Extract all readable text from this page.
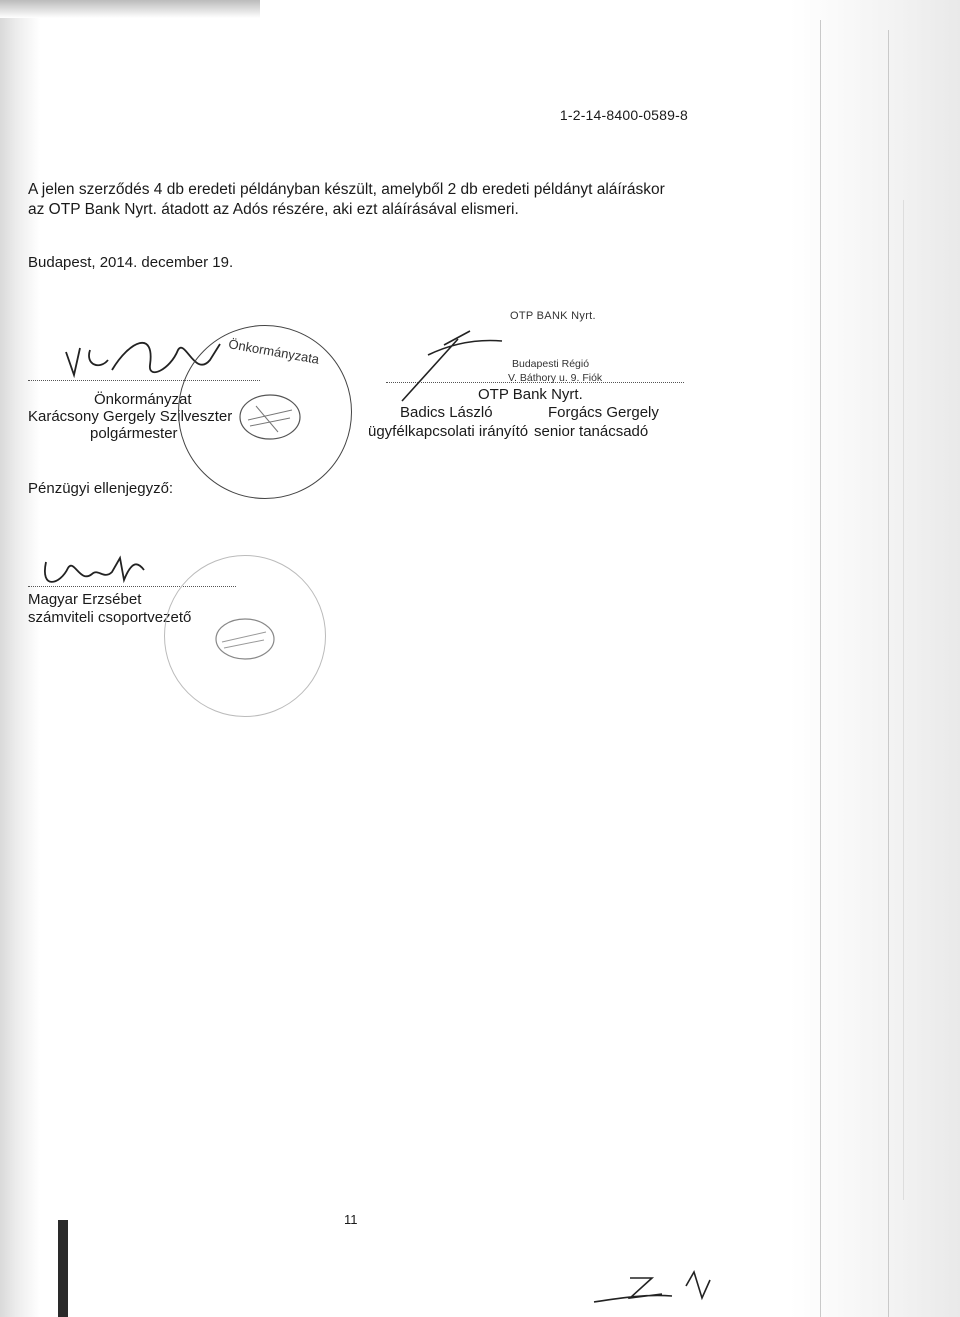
1-2-14-8400-0589-8
A jelen szerződés 4 db eredeti példányban készült, amelyből 2 db eredeti példányt aláíráskor
az OTP Bank Nyrt. átadott az Adós részére, aki ezt aláírásával elismeri.
Budapest, 2014. december 19.
Önkormányzat
Karácsony Gergely Szilveszter
polgármester
Önkormányzata
Pénzügyi ellenjegyző:
Magyar Erzsébet
számviteli csoportvezető
OTP BANK Nyrt.
Budapesti Régió
V. Báthory u. 9. Fiók
OTP Bank Nyrt.
Badics László	Forgács Gergely
ügyfélkapcsolati irányító senior tanácsadó
11
